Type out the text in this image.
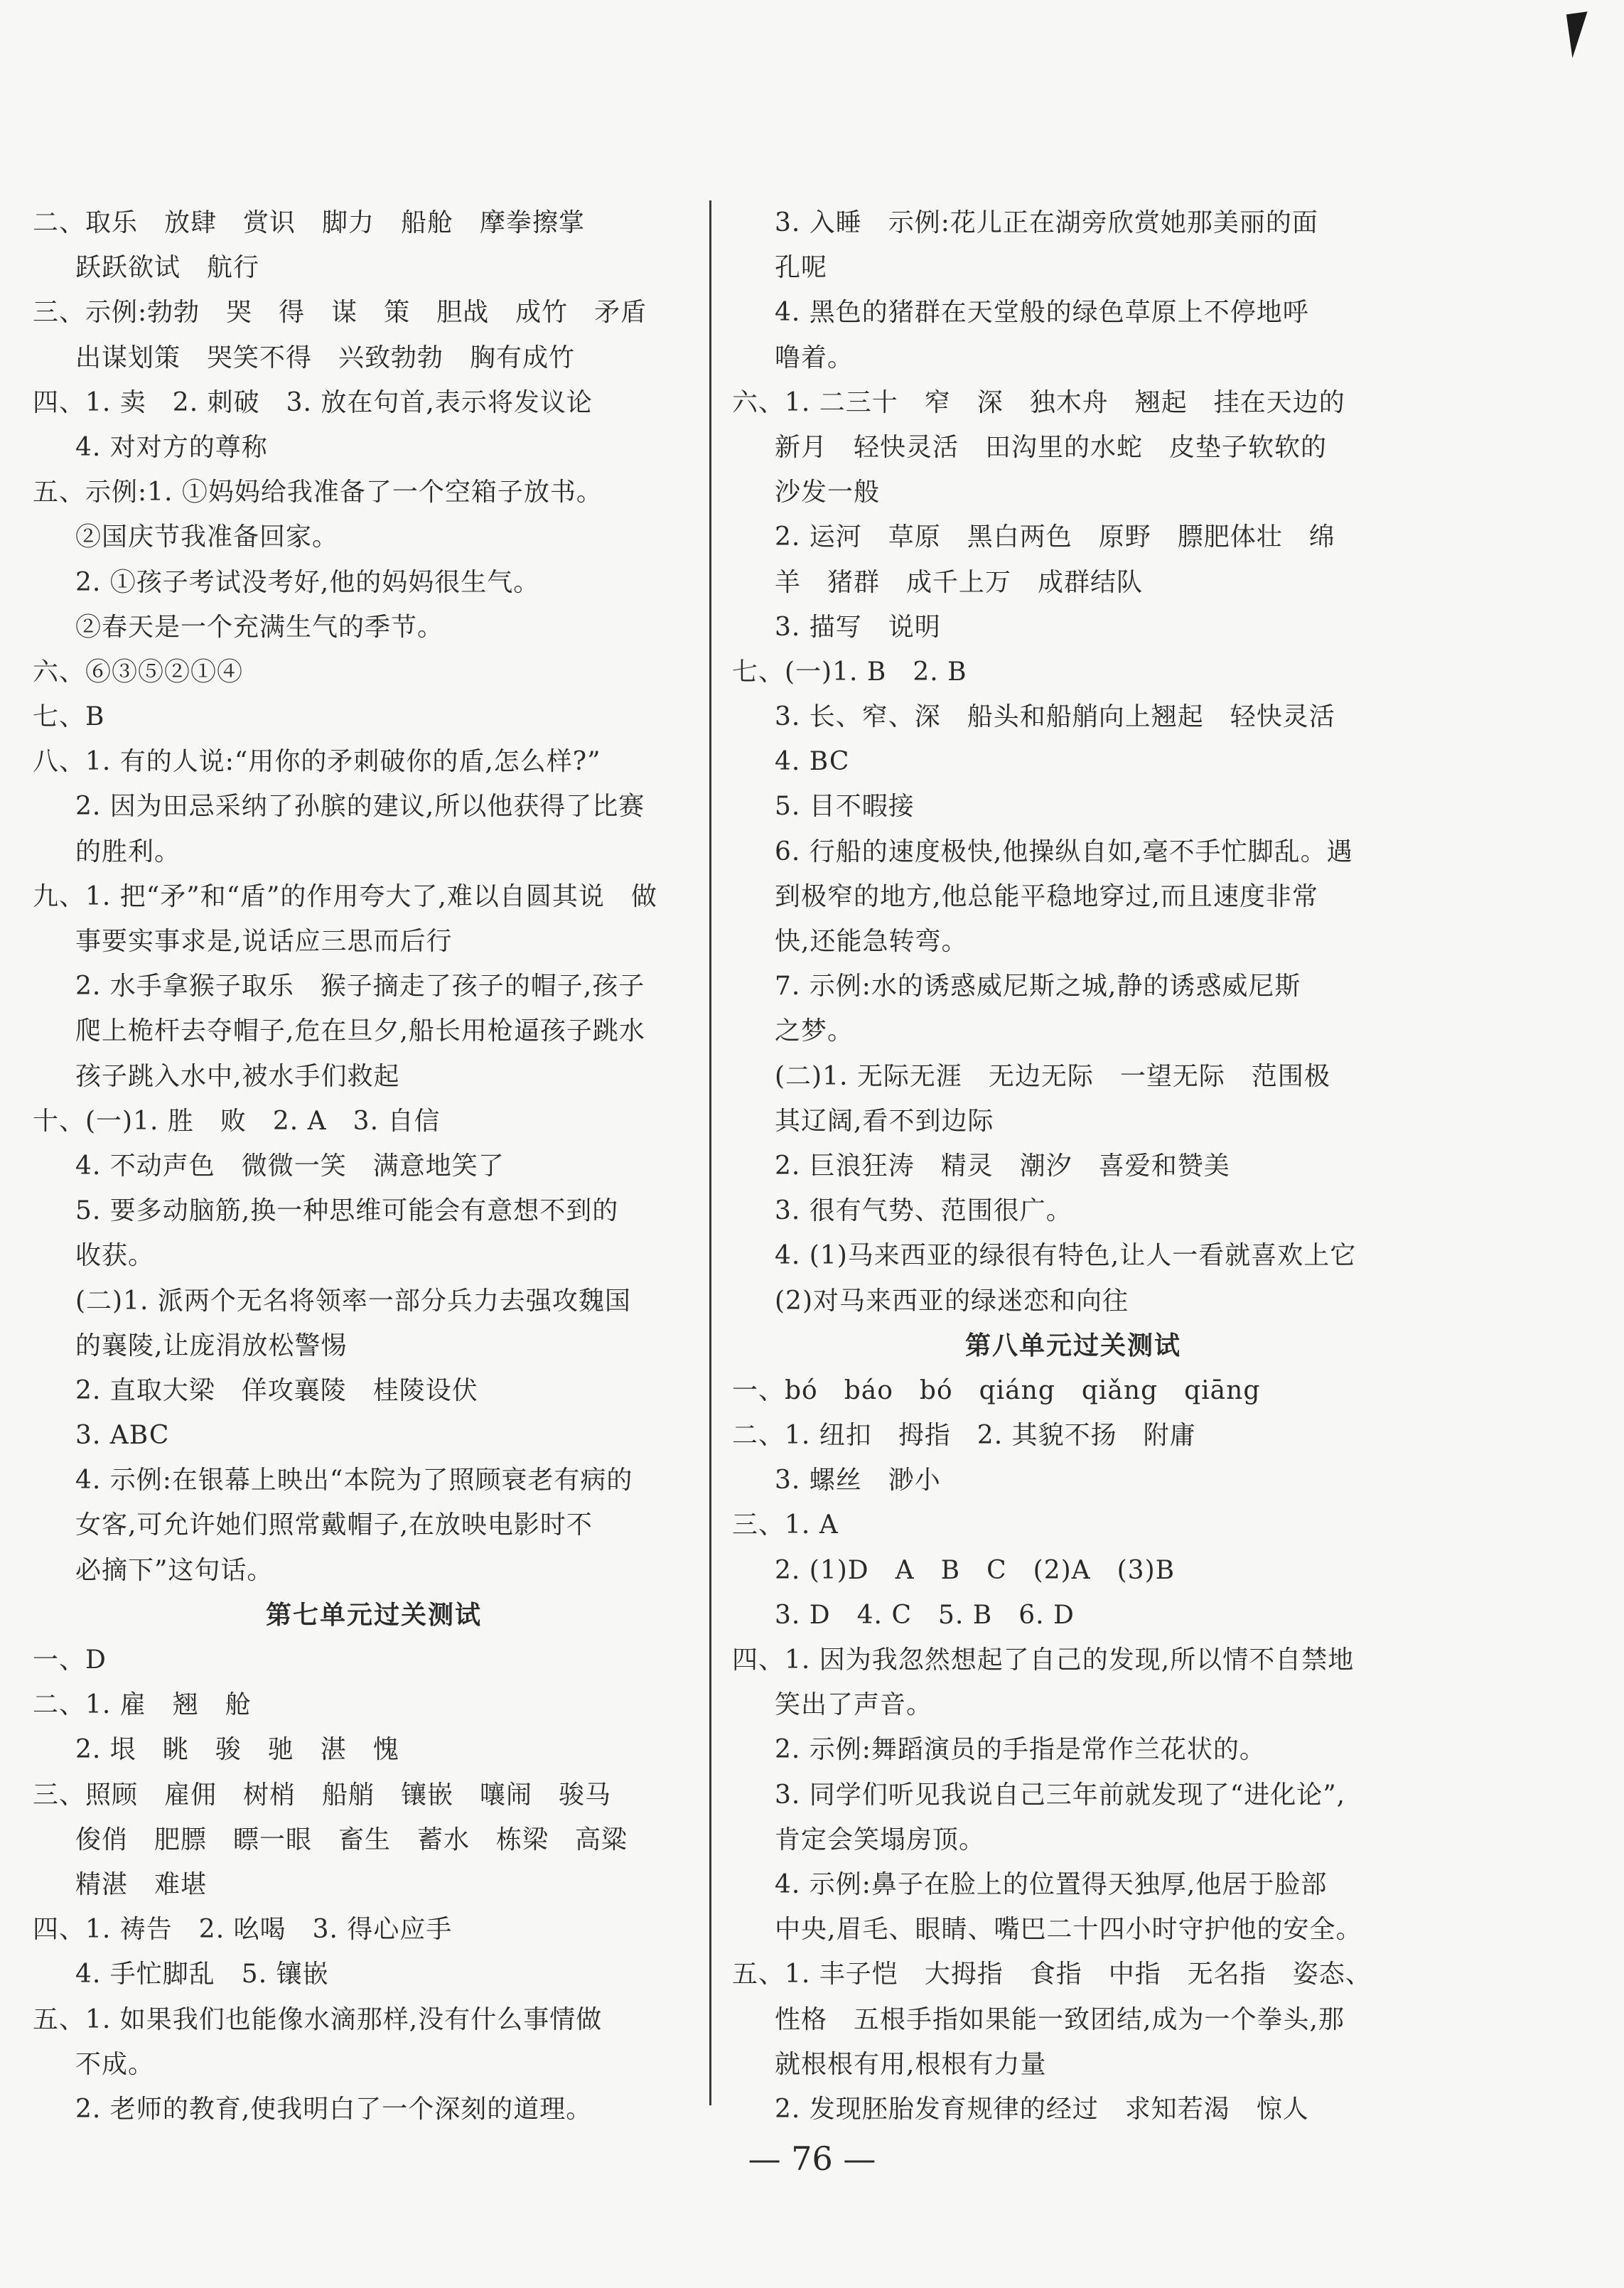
二、取乐　放肆　赏识　脚力　船舱　摩拳擦掌
跃跃欲试　航行
三、示例:勃勃　哭　得　谋　策　胆战　成竹　矛盾
出谋划策　哭笑不得　兴致勃勃　胸有成竹
四、1. 卖　2. 刺破　3. 放在句首,表示将发议论
4. 对对方的尊称
五、示例:1. ①妈妈给我准备了一个空箱子放书。
②国庆节我准备回家。
2. ①孩子考试没考好,他的妈妈很生气。
②春天是一个充满生气的季节。
六、⑥③⑤②①④
七、B
八、1. 有的人说:“用你的矛刺破你的盾,怎么样?”
2. 因为田忌采纳了孙膑的建议,所以他获得了比赛
的胜利。
九、1. 把“矛”和“盾”的作用夸大了,难以自圆其说　做
事要实事求是,说话应三思而后行
2. 水手拿猴子取乐　猴子摘走了孩子的帽子,孩子
爬上桅杆去夺帽子,危在旦夕,船长用枪逼孩子跳水
孩子跳入水中,被水手们救起
十、(一)1. 胜　败　2. A　3. 自信
4. 不动声色　微微一笑　满意地笑了
5. 要多动脑筋,换一种思维可能会有意想不到的
收获。
(二)1. 派两个无名将领率一部分兵力去强攻魏国
的襄陵,让庞涓放松警惕
2. 直取大梁　佯攻襄陵　桂陵设伏
3. ABC
4. 示例:在银幕上映出“本院为了照顾衰老有病的
女客,可允许她们照常戴帽子,在放映电影时不
必摘下”这句话。
第七单元过关测试
一、D
二、1. 雇　翘　舱
2. 垠　眺　骏　驰　湛　愧
三、照顾　雇佣　树梢　船艄　镶嵌　嚷闹　骏马
俊俏　肥膘　瞟一眼　畜生　蓄水　栋梁　高粱
精湛　难堪
四、1. 祷告　2. 吆喝　3. 得心应手
4. 手忙脚乱　5. 镶嵌
五、1. 如果我们也能像水滴那样,没有什么事情做
不成。
2. 老师的教育,使我明白了一个深刻的道理。
3. 入睡　示例:花儿正在湖旁欣赏她那美丽的面
孔呢
4. 黑色的猪群在天堂般的绿色草原上不停地呼
噜着。
六、1. 二三十　窄　深　独木舟　翘起　挂在天边的
新月　轻快灵活　田沟里的水蛇　皮垫子软软的
沙发一般
2. 运河　草原　黑白两色　原野　膘肥体壮　绵
羊　猪群　成千上万　成群结队
3. 描写　说明
七、(一)1. B　2. B
3. 长、窄、深　船头和船艄向上翘起　轻快灵活
4. BC
5. 目不暇接
6. 行船的速度极快,他操纵自如,毫不手忙脚乱。遇
到极窄的地方,他总能平稳地穿过,而且速度非常
快,还能急转弯。
7. 示例:水的诱惑威尼斯之城,静的诱惑威尼斯
之梦。
(二)1. 无际无涯　无边无际　一望无际　范围极
其辽阔,看不到边际
2. 巨浪狂涛　精灵　潮汐　喜爱和赞美
3. 很有气势、范围很广。
4. (1)马来西亚的绿很有特色,让人一看就喜欢上它
(2)对马来西亚的绿迷恋和向往
第八单元过关测试
一、bó　báo　bó　qiáng　qiǎng　qiāng
二、1. 纽扣　拇指　2. 其貌不扬　附庸
3. 螺丝　渺小
三、1. A
2. (1)D　A　B　C　(2)A　(3)B
3. D　4. C　5. B　6. D
四、1. 因为我忽然想起了自己的发现,所以情不自禁地
笑出了声音。
2. 示例:舞蹈演员的手指是常作兰花状的。
3. 同学们听见我说自己三年前就发现了“进化论”,
肯定会笑塌房顶。
4. 示例:鼻子在脸上的位置得天独厚,他居于脸部
中央,眉毛、眼睛、嘴巴二十四小时守护他的安全。
五、1. 丰子恺　大拇指　食指　中指　无名指　姿态、
性格　五根手指如果能一致团结,成为一个拳头,那
就根根有用,根根有力量
2. 发现胚胎发育规律的经过　求知若渴　惊人
— 76 —
